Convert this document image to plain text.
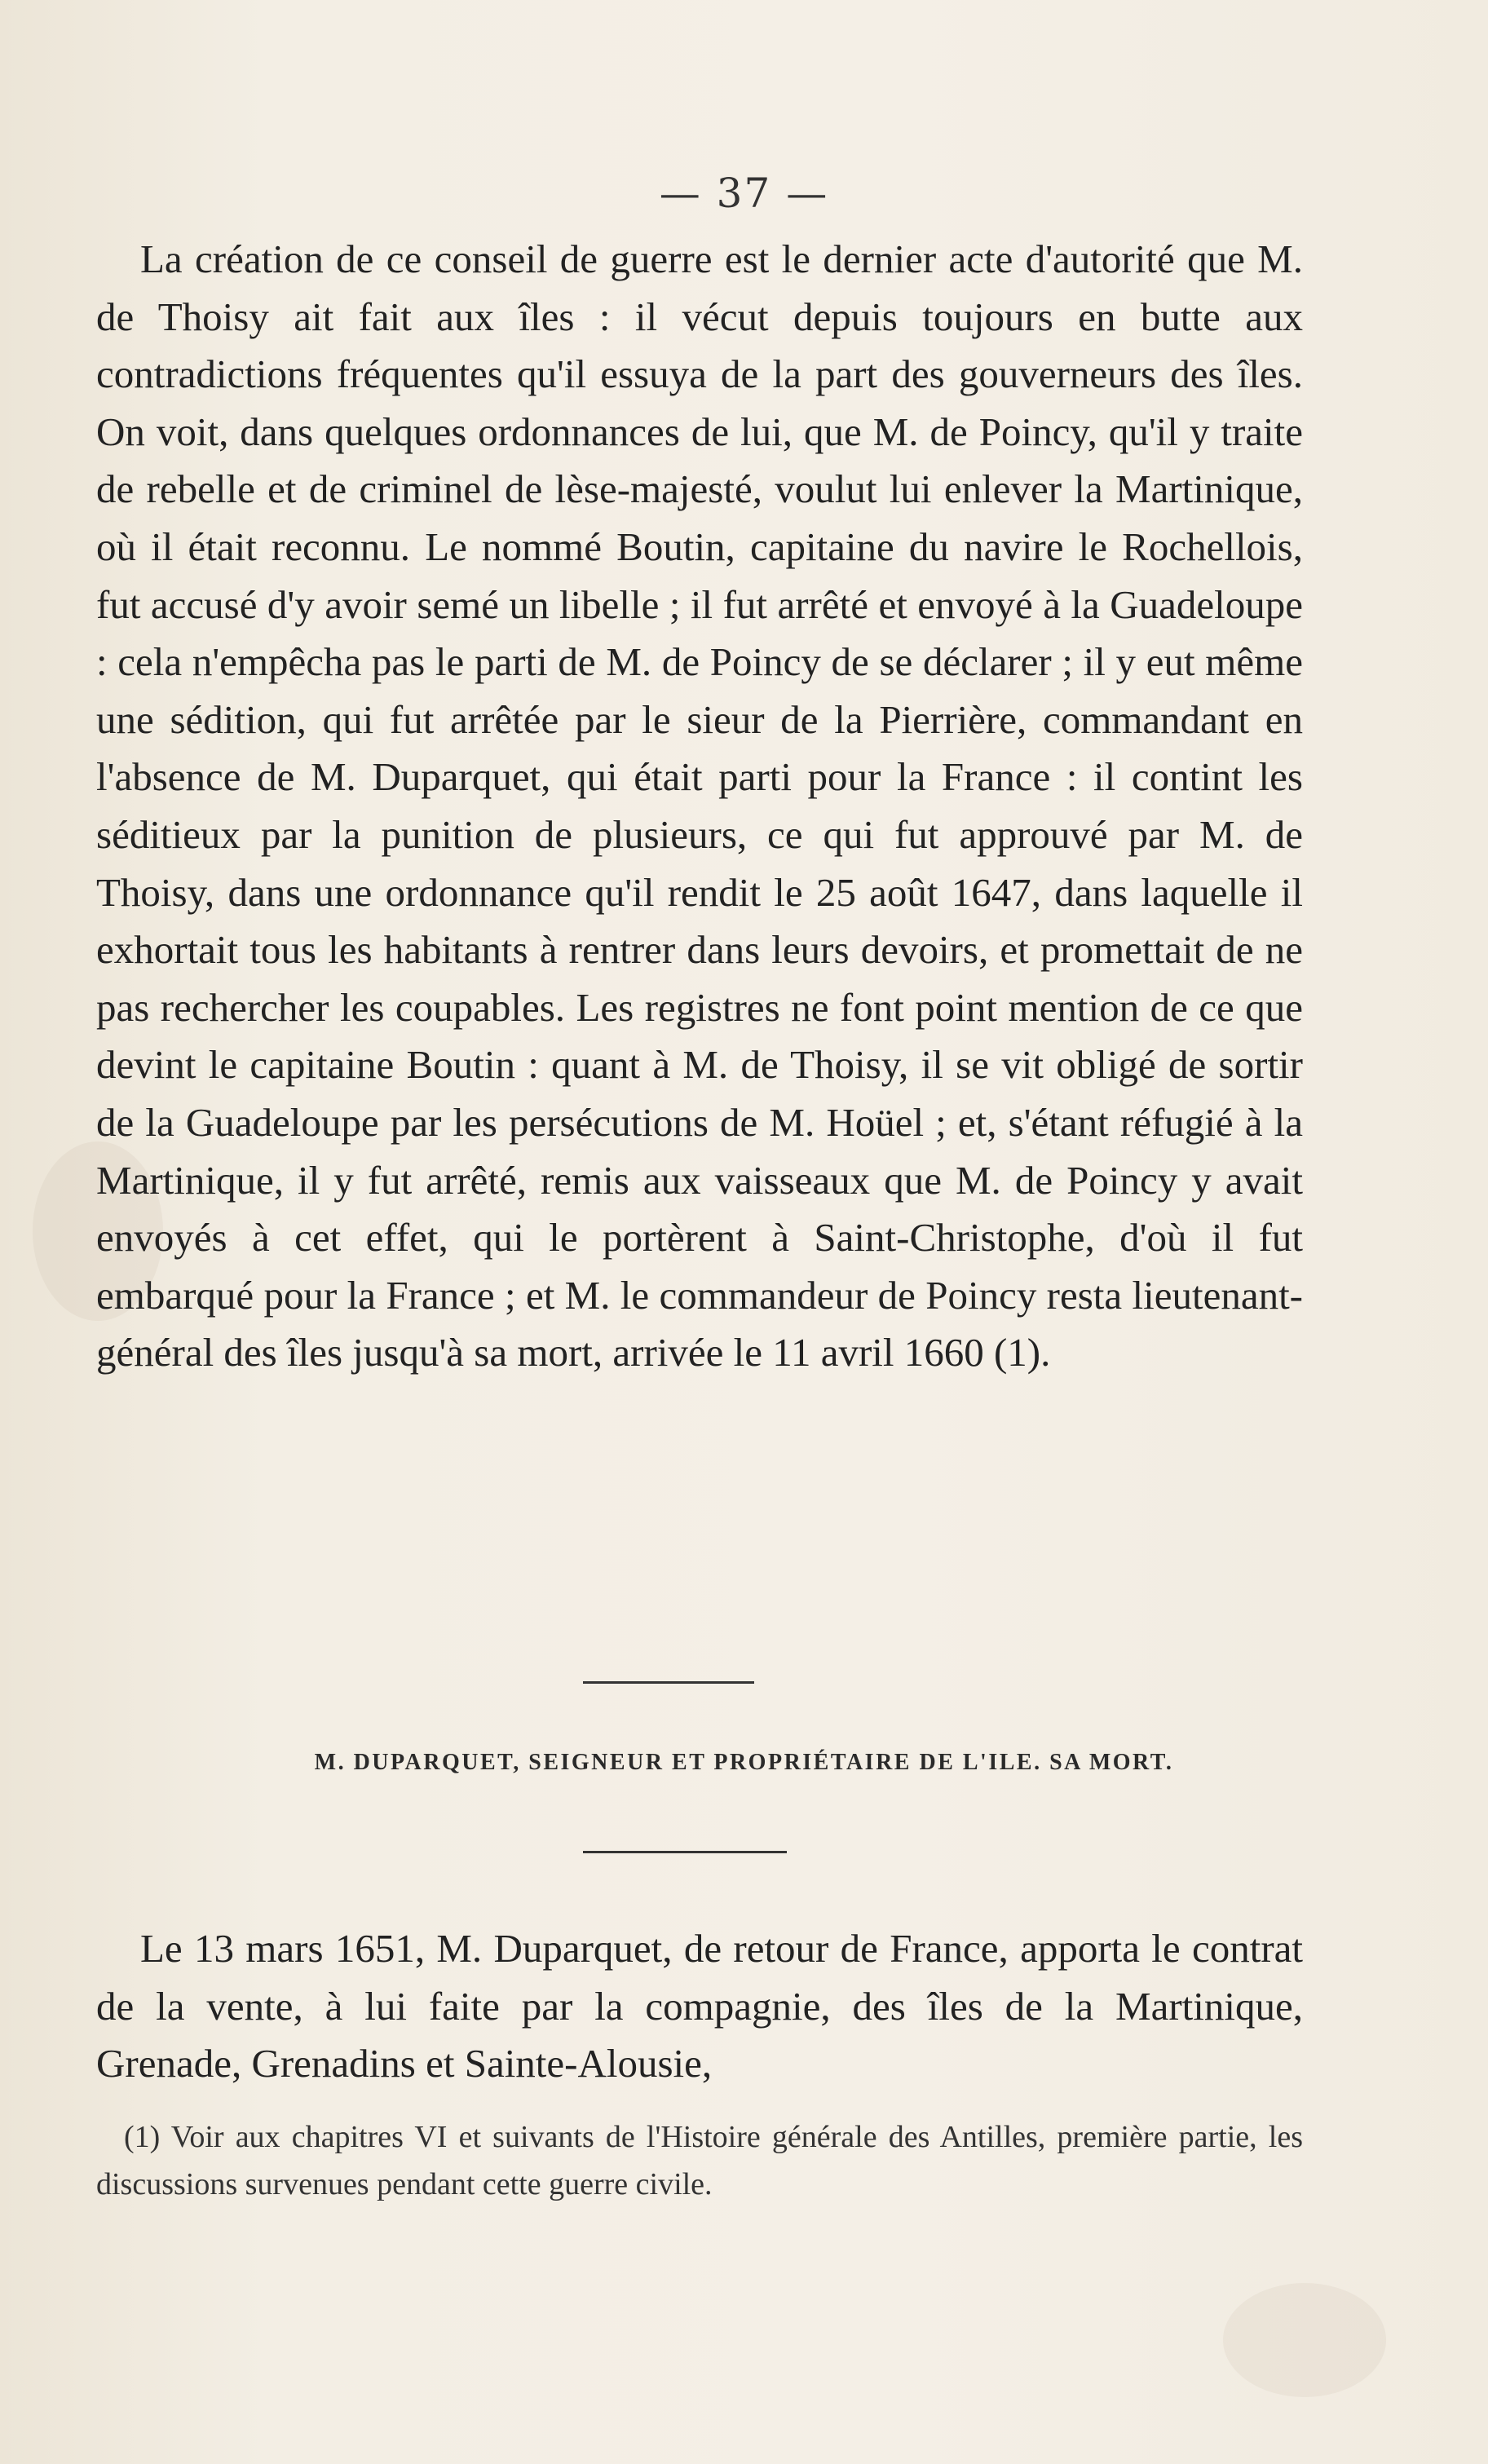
— 37 —

La création de ce conseil de guerre est le dernier acte d'autorité que M. de Thoisy ait fait aux îles : il vécut depuis toujours en butte aux contradictions fréquentes qu'il essuya de la part des gouverneurs des îles. On voit, dans quelques ordonnances de lui, que M. de Poincy, qu'il y traite de rebelle et de criminel de lèse-majesté, voulut lui enlever la Martinique, où il était reconnu. Le nommé Boutin, capitaine du navire le Rochellois, fut accusé d'y avoir semé un libelle ; il fut arrêté et envoyé à la Guadeloupe : cela n'empêcha pas le parti de M. de Poincy de se déclarer ; il y eut même une sédition, qui fut arrêtée par le sieur de la Pierrière, commandant en l'absence de M. Duparquet, qui était parti pour la France : il contint les séditieux par la punition de plusieurs, ce qui fut approuvé par M. de Thoisy, dans une ordonnance qu'il rendit le 25 août 1647, dans laquelle il exhortait tous les habitants à rentrer dans leurs devoirs, et promettait de ne pas rechercher les coupables. Les registres ne font point mention de ce que devint le capitaine Boutin : quant à M. de Thoisy, il se vit obligé de sortir de la Guadeloupe par les persécutions de M. Hoüel ; et, s'étant réfugié à la Martinique, il y fut arrêté, remis aux vaisseaux que M. de Poincy y avait envoyés à cet effet, qui le portèrent à Saint-Christophe, d'où il fut embarqué pour la France ; et M. le commandeur de Poincy resta lieutenant-général des îles jusqu'à sa mort, arrivée le 11 avril 1660 (1).

M. DUPARQUET, SEIGNEUR ET PROPRIÉTAIRE DE L'ILE. SA MORT.

Le 13 mars 1651, M. Duparquet, de retour de France, apporta le contrat de la vente, à lui faite par la compagnie, des îles de la Martinique, Grenade, Grenadins et Sainte-Alousie,

(1) Voir aux chapitres VI et suivants de l'Histoire générale des Antilles, première partie, les discussions survenues pendant cette guerre civile.
